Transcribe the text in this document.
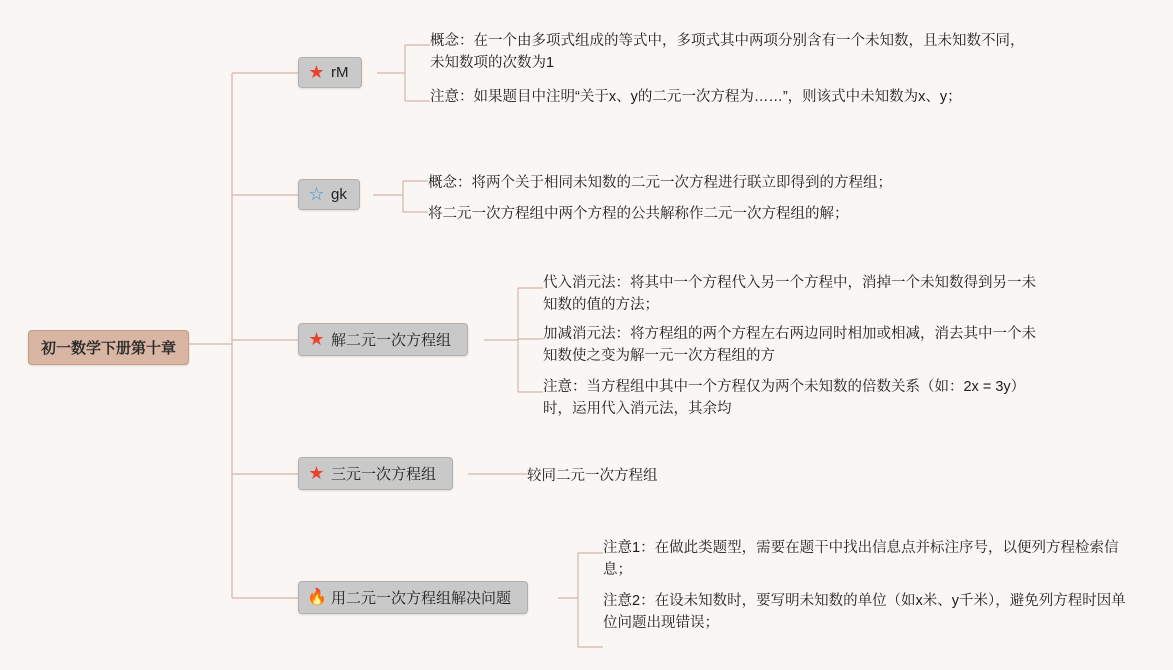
初一数学下册第十章
★ rM
概念：在一个由多项式组成的等式中，多项式其中两项分别含有一个未知数，且未知数不同，未知数项的次数为1
注意：如果题目中注明“关于x、y的二元一次方程为……”，则该式中未知数为x、y；
☆ gk
概念：将两个关于相同未知数的二元一次方程进行联立即得到的方程组；
将二元一次方程组中两个方程的公共解称作二元一次方程组的解；
★ 解二元一次方程组
代入消元法：将其中一个方程代入另一个方程中，消掉一个未知数得到另一未知数的值的方法；
加减消元法：将方程组的两个方程左右两边同时相加或相减，消去其中一个未知数使之变为解一元一次方程组的方
注意：当方程组中其中一个方程仅为两个未知数的倍数关系（如：2x = 3y）时，运用代入消元法，其余均
★ 三元一次方程组	较同二元一次方程组
🔥 用二元一次方程组解决问题
注意1：在做此类题型，需要在题干中找出信息点并标注序号，以便列方程检索信息；
注意2：在设未知数时，要写明未知数的单位（如x米、y千米），避免列方程时因单位问题出现错误；
